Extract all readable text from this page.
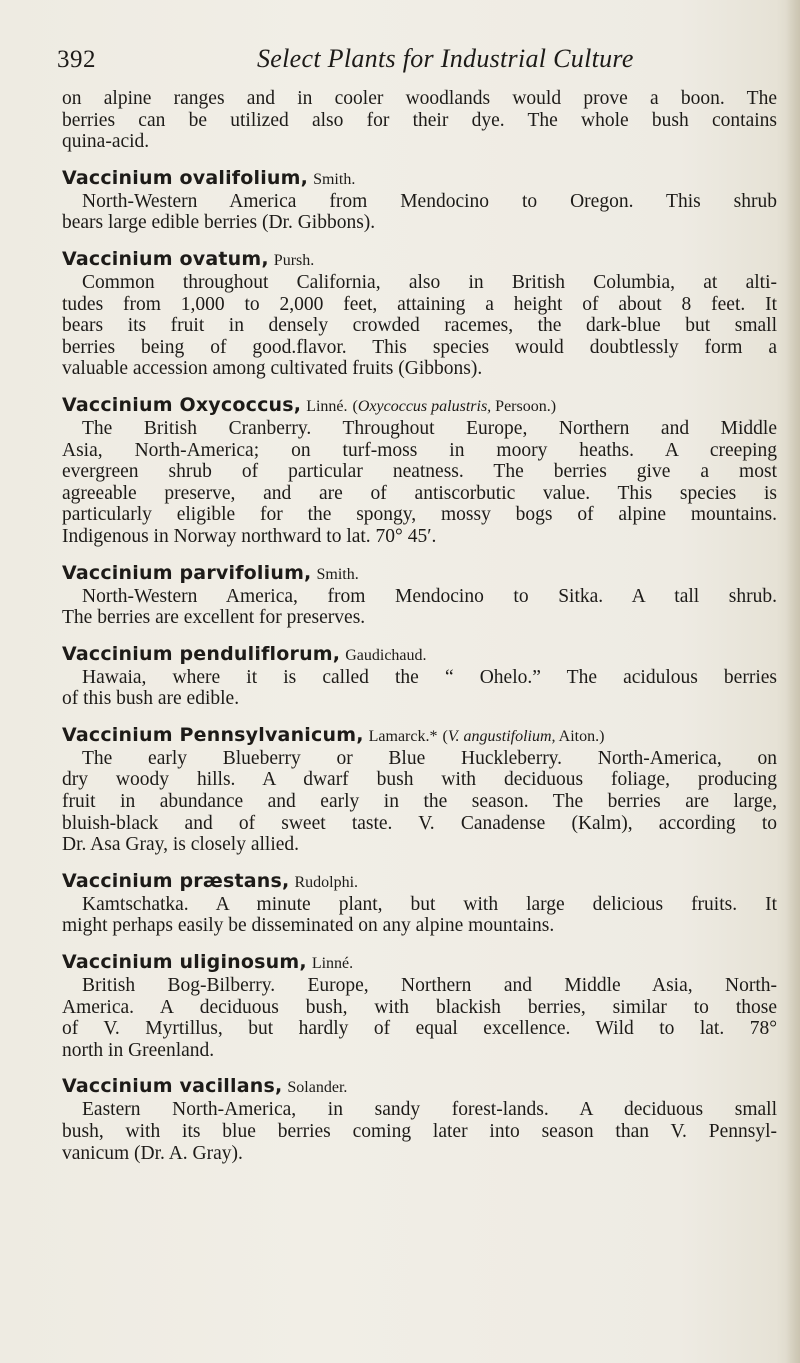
392	Select Plants for Industrial Culture
on alpine ranges and in cooler woodlands would prove a boon. The
berries can be utilized also for their dye. The whole bush contains
quina-acid.
Vaccinium ovalifolium, Smith.
North-Western America from Mendocino to Oregon. This shrub
bears large edible berries (Dr. Gibbons).
Vaccinium ovatum, Pursh.
Common throughout California, also in British Columbia, at alti-
tudes from 1,000 to 2,000 feet, attaining a height of about 8 feet. It
bears its fruit in densely crowded racemes, the dark-blue but small
berries being of good.flavor. This species would doubtlessly form a
valuable accession among cultivated fruits (Gibbons).
Vaccinium Oxycoccus, Linné. (Oxycoccus palustris, Persoon.)
The British Cranberry. Throughout Europe, Northern and Middle
Asia, North-America; on turf-moss in moory heaths. A creeping
evergreen shrub of particular neatness. The berries give a most
agreeable preserve, and are of antiscorbutic value. This species is
particularly eligible for the spongy, mossy bogs of alpine mountains.
Indigenous in Norway northward to lat. 70° 45′.
Vaccinium parvifolium, Smith.
North-Western America, from Mendocino to Sitka. A tall shrub.
The berries are excellent for preserves.
Vaccinium penduliflorum, Gaudichaud.
Hawaia, where it is called the “ Ohelo.” The acidulous berries
of this bush are edible.
Vaccinium Pennsylvanicum, Lamarck.* (V. angustifolium, Aiton.)
The early Blueberry or Blue Huckleberry. North-America, on
dry woody hills. A dwarf bush with deciduous foliage, producing
fruit in abundance and early in the season. The berries are large,
bluish-black and of sweet taste. V. Canadense (Kalm), according to
Dr. Asa Gray, is closely allied.
Vaccinium præstans, Rudolphi.
Kamtschatka. A minute plant, but with large delicious fruits. It
might perhaps easily be disseminated on any alpine mountains.
Vaccinium uliginosum, Linné.
British Bog-Bilberry. Europe, Northern and Middle Asia, North-
America. A deciduous bush, with blackish berries, similar to those
of V. Myrtillus, but hardly of equal excellence. Wild to lat. 78°
north in Greenland.
Vaccinium vacillans, Solander.
Eastern North-America, in sandy forest-lands. A deciduous small
bush, with its blue berries coming later into season than V. Pennsyl-
vanicum (Dr. A. Gray).
